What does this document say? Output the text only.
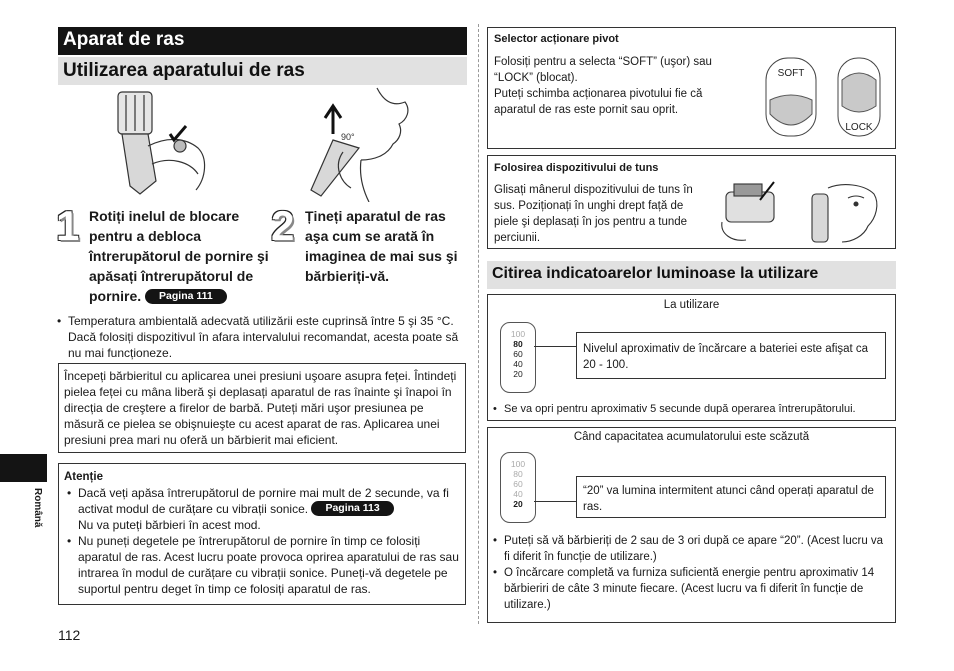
Aparat de ras
Utilizarea aparatului de ras
90°
1 Rotiți inelul de blocare pentru a debloca întrerupătorul de pornire şi apăsați întrerupătorul de pornire. Pagina 111
2 Țineți aparatul de ras aşa cum se arată în imaginea de mai sus şi bărbieriți-vă.
• Temperatura ambientală adecvată utilizării este cuprinsă între 5 şi 35 °C. Dacă folosiți dispozitivul în afara intervalului recomandat, acesta poate să nu mai funcționeze.
Începeți bărbieritul cu aplicarea unei presiuni uşoare asupra feței. Întindeți pielea feței cu mâna liberă şi deplasați aparatul de ras înainte şi înapoi în direcția de creştere a firelor de barbă. Puteți mări uşor presiunea pe măsură ce pielea se obişnuieşte cu acest aparat de ras. Aplicarea unei presiuni prea mari nu oferă un bărbierit mai eficient.
Atenție
• Dacă veți apăsa întrerupătorul de pornire mai mult de 2 secunde, va fi activat modul de curățare cu vibrații sonice. Pagina 113
Nu va puteți bărbieri în acest mod.
• Nu puneți degetele pe întrerupătorul de pornire în timp ce folosiți aparatul de ras. Acest lucru poate provoca oprirea aparatului de ras sau intrarea în modul de curățare cu vibrații sonice. Puneți-vă degetele pe suportul pentru deget în timp ce folosiți aparatul de ras.
Română
112
Selector acționare pivot
Folosiți pentru a selecta “SOFT” (uşor) sau “LOCK” (blocat).
Puteți schimba acționarea pivotului fie că aparatul de ras este pornit sau oprit.
SOFT
LOCK
Folosirea dispozitivului de tuns
Glisați mânerul dispozitivului de tuns în sus. Poziționați în unghi drept față de piele şi deplasați în jos pentru a tunde perciunii.
Citirea indicatoarelor luminoase la utilizare
La utilizare
100
80
60
40
20
Nivelul aproximativ de încărcare a bateriei este afişat ca 20 - 100.
• Se va opri pentru aproximativ 5 secunde după operarea întrerupătorului.
Când capacitatea acumulatorului este scăzută
100
80
60
40
20
“20” va lumina intermitent atunci când operați aparatul de ras.
• Puteți să vă bărbieriți de 2 sau de 3 ori după ce apare “20”. (Acest lucru va fi diferit în funcție de utilizare.)
• O încărcare completă va furniza suficientă energie pentru aproximativ 14 bărbieriri de câte 3 minute fiecare. (Acest lucru va fi diferit în funcție de utilizare.)
